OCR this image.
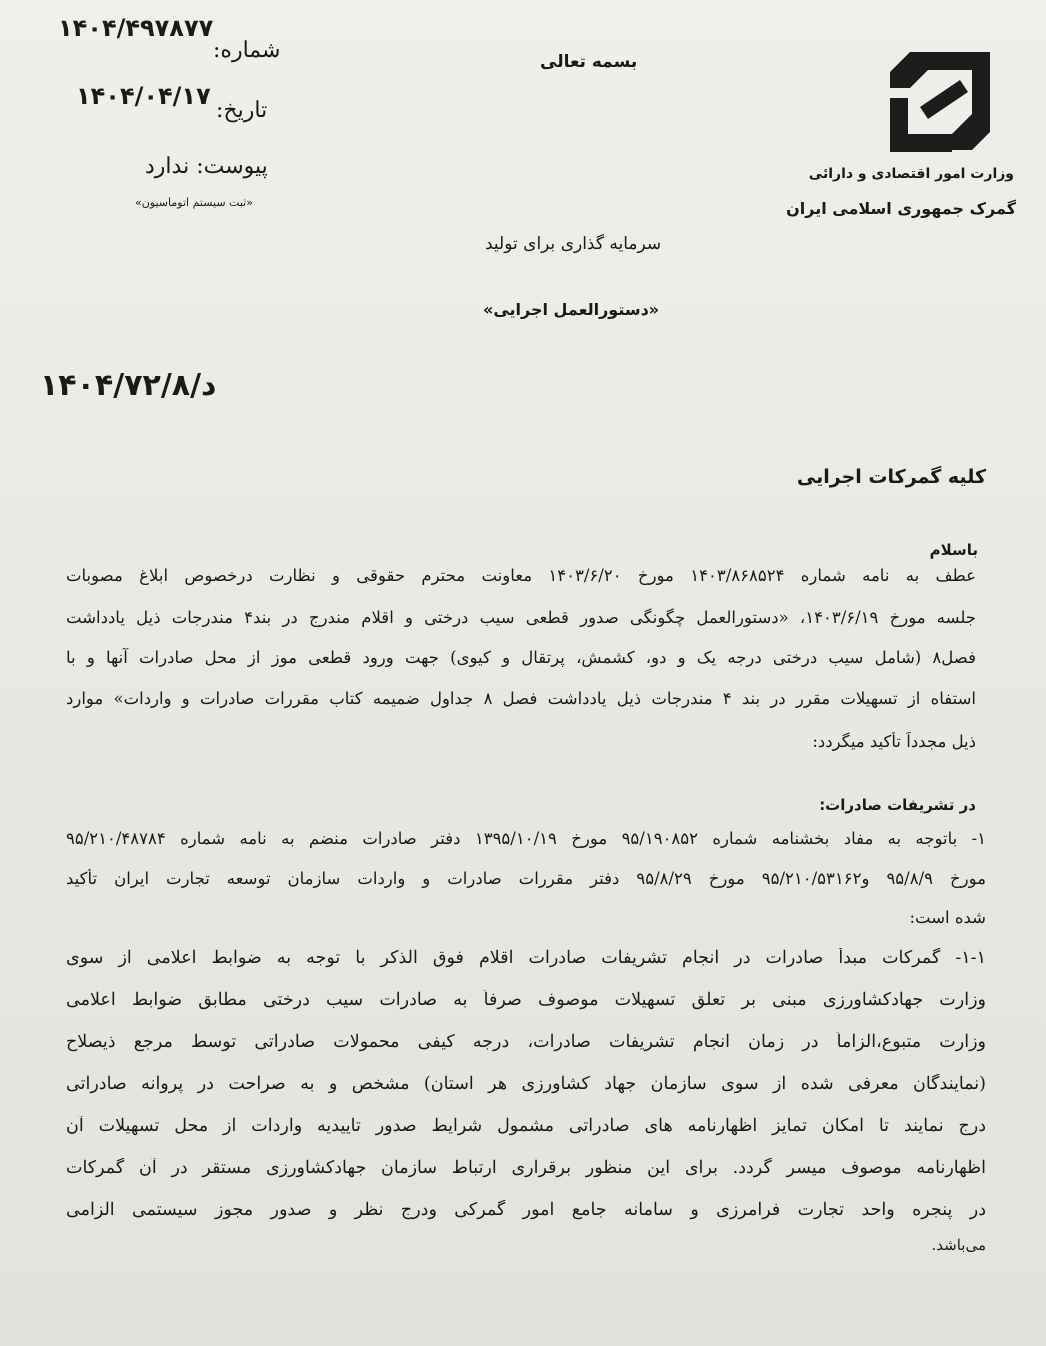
شماره:
۱۴۰۴/۴۹۷۸۷۷
تاریخ:
۱۴۰۴/۰۴/۱۷
پیوست: ندارد
«ثبت سیستم اتوماسیون»
بسمه تعالی
وزارت امور اقتصادی و دارائی
گمرک جمهوری اسلامی ایران
سرمایه گذاری برای تولید
«دستورالعمل اجرایی»
د/۱۴۰۴/۷۲/۸
کلیه گمرکات اجرایی
باسلام
عطف به نامه شماره ۱۴۰۳/۸۶۸۵۲۴ مورخ ۱۴۰۳/۶/۲۰ معاونت محترم حقوقی و نظارت درخصوص ابلاغ مصوبات
جلسه مورخ ۱۴۰۳/۶/۱۹، «دستورالعمل چگونگی صدور قطعی سیب درختی و اقلام مندرج در بند۴ مندرجات ذیل یادداشت
فصل۸ (شامل سیب درختی درجه یک و دو، کشمش، پرتقال و کیوی) جهت ورود قطعی موز از محل صادرات آنها و با
استفاه از تسهیلات مقرر در بند ۴ مندرجات ذیل یادداشت فصل ۸ جداول ضمیمه کتاب مقررات صادرات و واردات» موارد
ذیل مجدداً تأکید میگردد:
در تشریفات صادرات:
۱- باتوجه به مفاد بخشنامه شماره ۹۵/۱۹۰۸۵۲ مورخ ۱۳۹۵/۱۰/۱۹ دفتر صادرات منضم به نامه شماره ۹۵/۲۱۰/۴۸۷۸۴
مورخ ۹۵/۸/۹ و۹۵/۲۱۰/۵۳۱۶۲ مورخ ۹۵/۸/۲۹ دفتر مقررات صادرات و واردات سازمان توسعه تجارت ایران تأکید
شده است:
۱-۱- گمرکات مبدأ صادرات در انجام تشریفات صادرات اقلام فوق الذکر با توجه به ضوابط اعلامی از سوی
وزارت جهادکشاورزی مبنی بر تعلق تسهیلات موصوف صرفاً به صادرات سیب درختی مطابق ضوابط اعلامی
وزارت متبوع،الزاماً در زمان انجام تشریفات صادرات، درجه کیفی محمولات صادراتی توسط مرجع ذیصلاح
(نمایندگان معرفی شده از سوی سازمان جهاد کشاورزی هر استان) مشخص و به صراحت در پروانه صادراتی
درج نمایند تا امکان تمایز اظهارنامه های صادراتی مشمول شرایط صدور تاییدیه واردات از محل تسهیلات آن
اظهارنامه موصوف میسر گردد. برای این منظور برقراری ارتباط سازمان جهادکشاورزی مستقر در آن گمرکات
در پنجره واحد تجارت فرامرزی و سامانه جامع امور گمرکی ودرج نظر و صدور مجوز سیستمی الزامی
می‌باشد.
